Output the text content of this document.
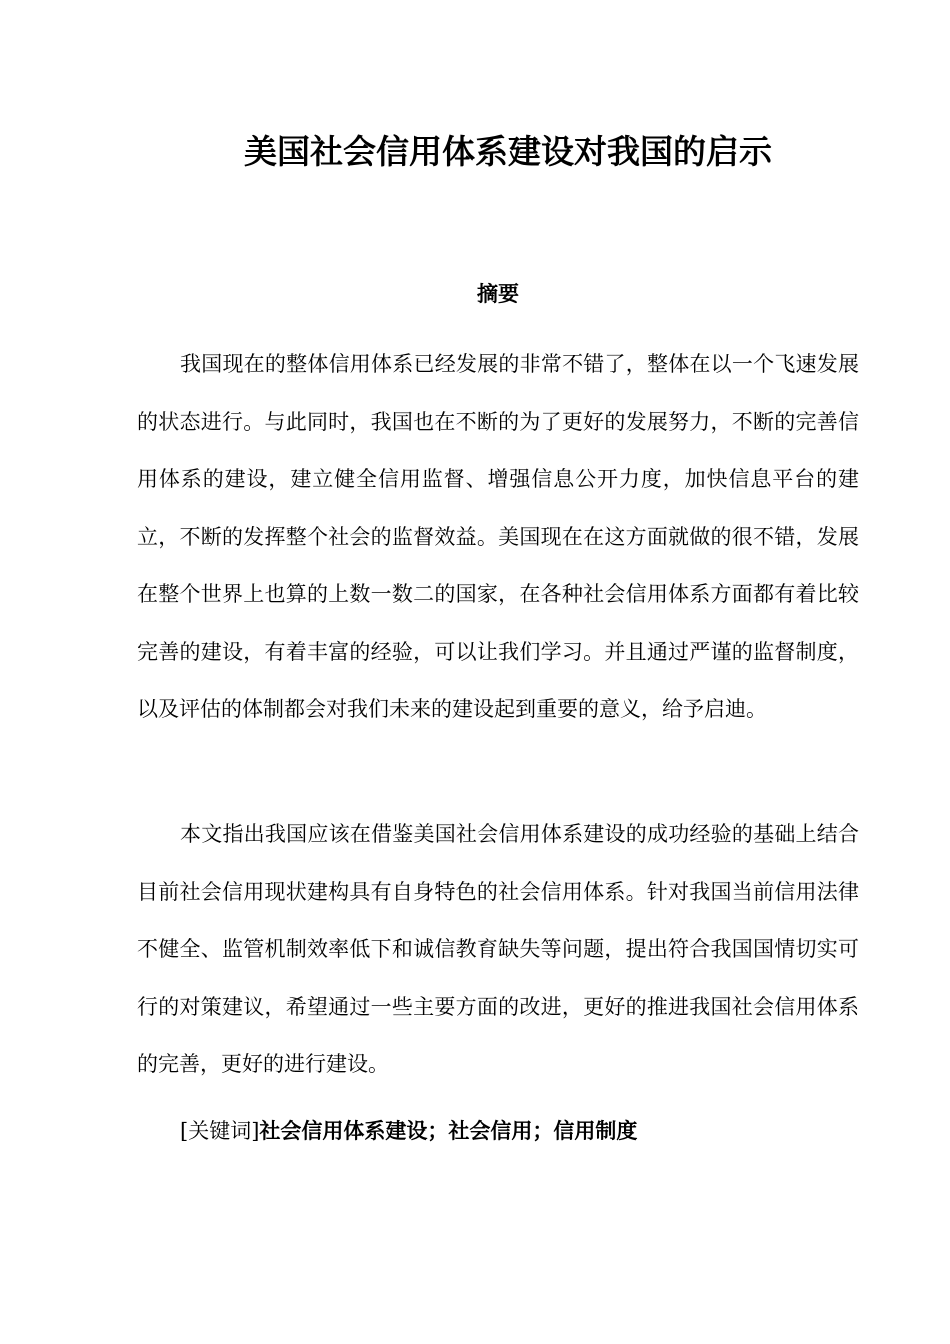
美国社会信用体系建设对我国的启示
摘要

我国现在的整体信用体系已经发展的非常不错了，整体在以一个飞速发展的状态进行。与此同时，我国也在不断的为了更好的发展努力，不断的完善信用体系的建设，建立健全信用监督、增强信息公开力度，加快信息平台的建立，不断的发挥整个社会的监督效益。美国现在在这方面就做的很不错，发展在整个世界上也算的上数一数二的国家，在各种社会信用体系方面都有着比较完善的建设，有着丰富的经验，可以让我们学习。并且通过严谨的监督制度，以及评估的体制都会对我们未来的建设起到重要的意义，给予启迪。

本文指出我国应该在借鉴美国社会信用体系建设的成功经验的基础上结合目前社会信用现状建构具有自身特色的社会信用体系。针对我国当前信用法律不健全、监管机制效率低下和诚信教育缺失等问题，提出符合我国国情切实可行的对策建议，希望通过一些主要方面的改进，更好的推进我国社会信用体系的完善，更好的进行建设。

[关键词]社会信用体系建设；社会信用；信用制度
